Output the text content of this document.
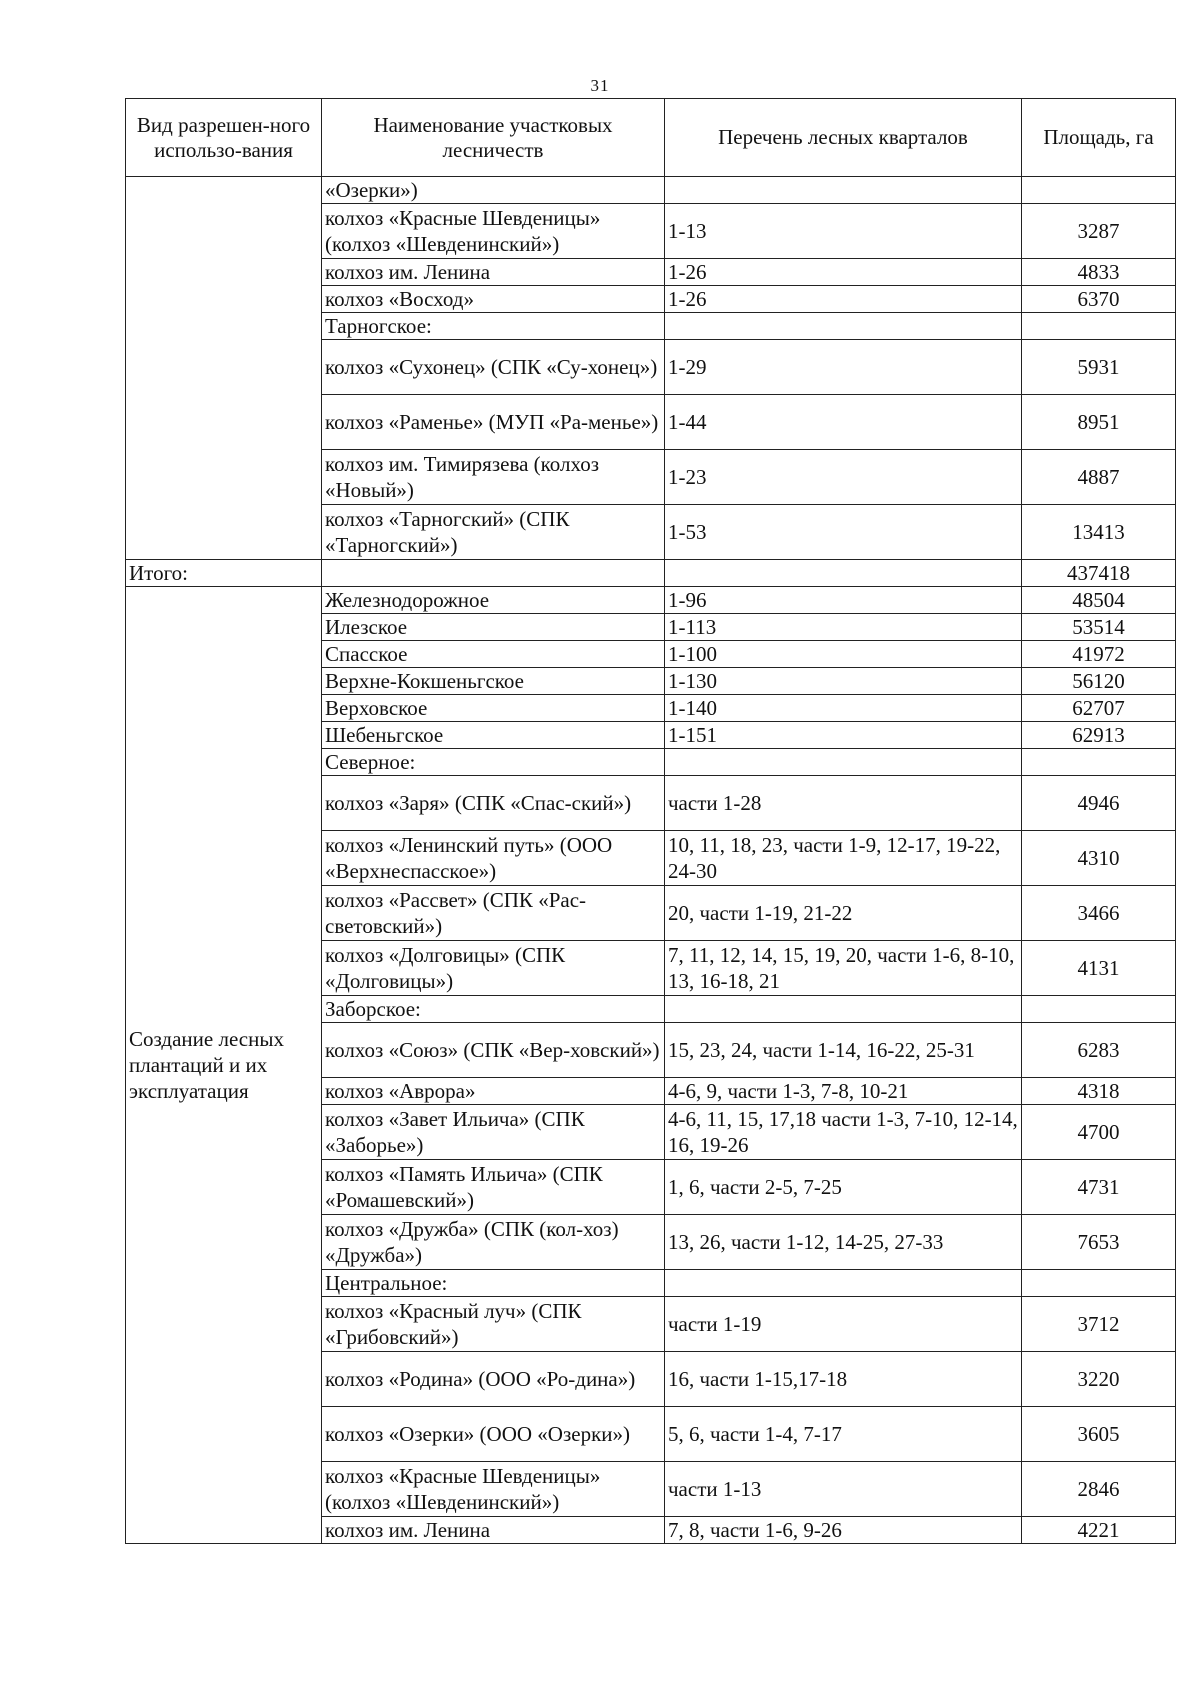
31
Вид разрешен-ного использо-вания	Наименование участковых лесничеств	Перечень лесных кварталов	Площадь, га
	«Озерки»)		
	колхоз «Красные Шевденицы» (колхоз «Шевденинский»)	1-13	3287
	колхоз им. Ленина	1-26	4833
	колхоз «Восход»	1-26	6370
	Тарногское:		
	колхоз «Сухонец» (СПК «Су-хонец»)	1-29	5931
	колхоз «Раменье» (МУП «Ра-менье»)	1-44	8951
	колхоз им. Тимирязева (колхоз «Новый»)	1-23	4887
	колхоз «Тарногский» (СПК «Тарногский»)	1-53	13413
Итого:			437418
Создание лесных плантаций и их эксплуатация	Железнодорожное	1-96	48504
	Илезское	1-113	53514
	Спасское	1-100	41972
	Верхне-Кокшеньгское	1-130	56120
	Верховское	1-140	62707
	Шебеньгское	1-151	62913
	Северное:		
	колхоз «Заря» (СПК «Спас-ский»)	части 1-28	4946
	колхоз «Ленинский путь» (ООО «Верхнеспасское»)	10, 11, 18, 23, части 1-9, 12-17, 19-22, 24-30	4310
	колхоз «Рассвет» (СПК «Рас-световский»)	20, части 1-19, 21-22	3466
	колхоз «Долговицы» (СПК «Долговицы»)	7, 11, 12, 14, 15, 19, 20, части 1-6, 8-10, 13, 16-18, 21	4131
	Заборское:		
	колхоз «Союз» (СПК «Вер-ховский»)	15, 23, 24, части 1-14, 16-22, 25-31	6283
	колхоз «Аврора»	4-6, 9, части 1-3, 7-8, 10-21	4318
	колхоз «Завет Ильича» (СПК «Заборье»)	4-6, 11, 15, 17,18 части 1-3, 7-10, 12-14, 16, 19-26	4700
	колхоз «Память Ильича» (СПК «Ромашевский»)	1, 6, части 2-5, 7-25	4731
	колхоз «Дружба» (СПК (кол-хоз) «Дружба»)	13, 26, части 1-12, 14-25, 27-33	7653
	Центральное:		
	колхоз «Красный луч» (СПК «Грибовский»)	части 1-19	3712
	колхоз «Родина» (ООО «Ро-дина»)	16, части 1-15,17-18	3220
	колхоз «Озерки» (ООО «Озерки»)	5, 6, части 1-4, 7-17	3605
	колхоз «Красные Шевденицы» (колхоз «Шевденинский»)	части 1-13	2846
	колхоз им. Ленина	7, 8, части 1-6, 9-26	4221
